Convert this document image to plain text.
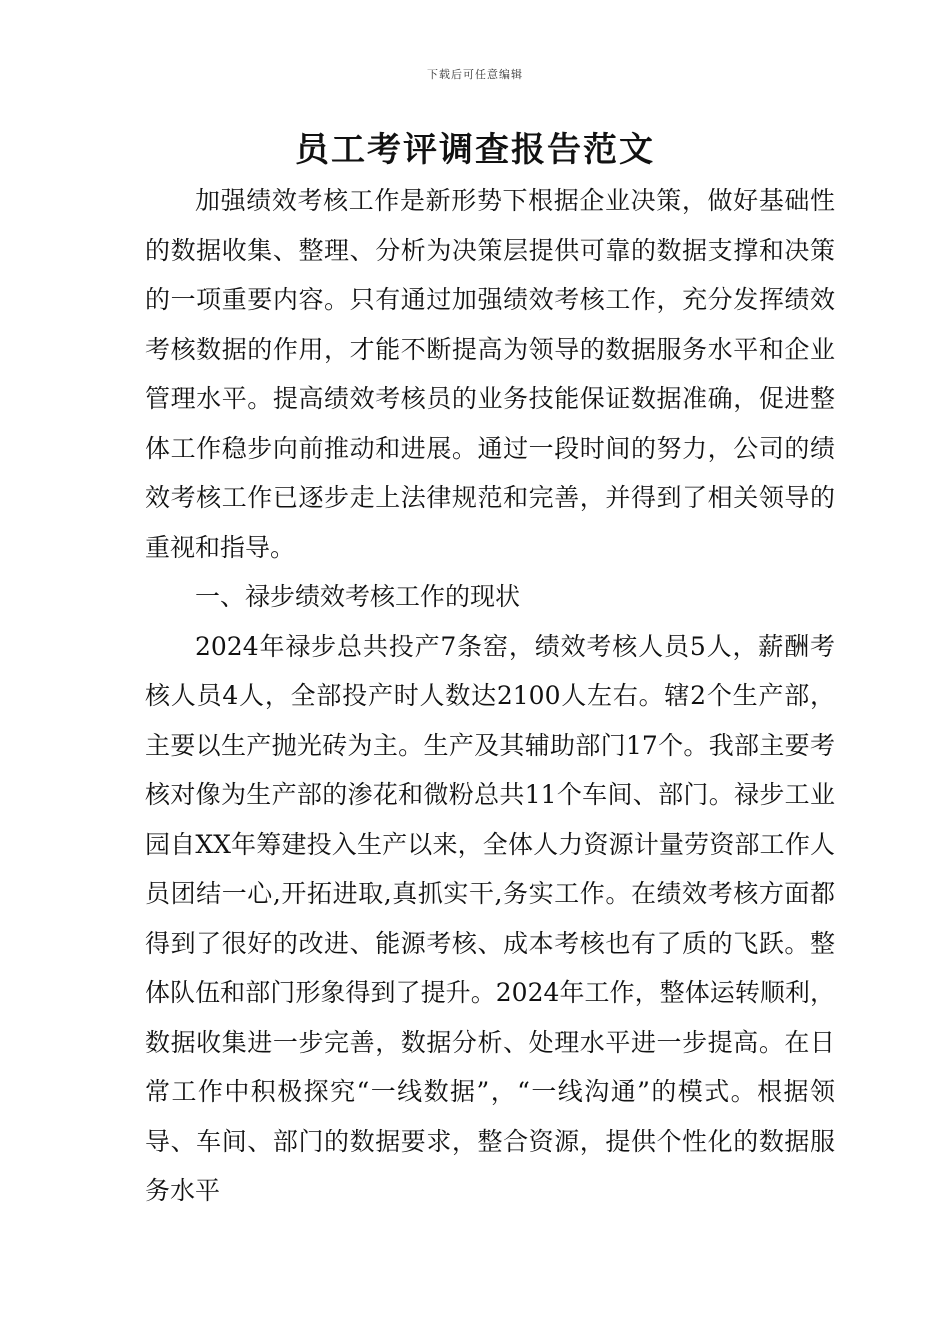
下载后可任意编辑
员工考评调查报告范文

加强绩效考核工作是新形势下根据企业决策，做好基础性的数据收集、整理、分析为决策层提供可靠的数据支撑和决策的一项重要内容。只有通过加强绩效考核工作，充分发挥绩效考核数据的作用，才能不断提高为领导的数据服务水平和企业管理水平。提高绩效考核员的业务技能保证数据准确，促进整体工作稳步向前推动和进展。通过一段时间的努力，公司的绩效考核工作已逐步走上法律规范和完善，并得到了相关领导的重视和指导。

一、禄步绩效考核工作的现状

2024年禄步总共投产7条窑，绩效考核人员5人，薪酬考核人员4人，全部投产时人数达2100人左右。辖2个生产部，主要以生产抛光砖为主。生产及其辅助部门17个。我部主要考核对像为生产部的渗花和微粉总共11个车间、部门。禄步工业园自XX年筹建投入生产以来，全体人力资源计量劳资部工作人员团结一心,开拓进取,真抓实干,务实工作。在绩效考核方面都得到了很好的改进、能源考核、成本考核也有了质的飞跃。整体队伍和部门形象得到了提升。2024年工作，整体运转顺利，数据收集进一步完善，数据分析、处理水平进一步提高。在日常工作中积极探究“一线数据”，“一线沟通”的模式。根据领导、车间、部门的数据要求，整合资源，提供个性化的数据服务水平
